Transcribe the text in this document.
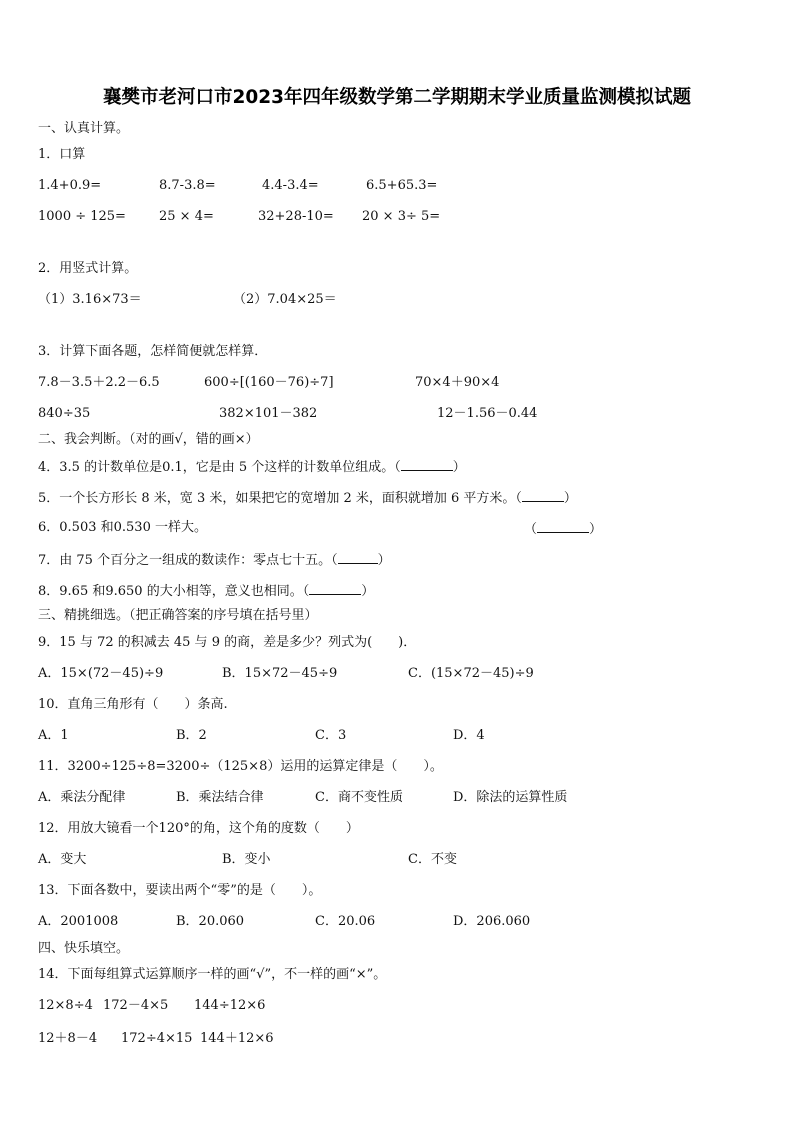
襄樊市老河口市2023年四年级数学第二学期期末学业质量监测模拟试题
一、认真计算。
1．口算
1.4+0.9=	8.7-3.8=	4.4-3.4=	6.5+65.3=
1000 ÷ 125=	25 × 4=	32+28-10= 20 × 3÷ 5=
2．用竖式计算。
（1）3.16×73＝	（2）7.04×25＝
3．计算下面各题，怎样简便就怎样算．
7.8－3.5＋2.2－6.5	600÷[(160－76)÷7]	70×4＋90×4
840÷35	382×101－382	12－1.56－0.44
二、我会判断。（对的画√，错的画×）
4．3.5 的计数单位是0.1，它是由 5 个这样的计数单位组成。（	）
5．一个长方形长 8 米，宽 3 米，如果把它的宽增加 2 米，面积就增加 6 平方米。（	）
6．0.503 和0.530 一样大。	（	）
7．由 75 个百分之一组成的数读作：零点七十五。（	）
8．9.65 和9.650 的大小相等，意义也相同。（	）
三、精挑细选。（把正确答案的序号填在括号里）
9．15 与 72 的积减去 45 与 9 的商，差是多少？列式为(　　)．
A．15×(72－45)÷9	B．15×72－45÷9	C．(15×72－45)÷9
10．直角三角形有（　　）条高.
A．1	B．2	C．3	D．4
11．3200÷125÷8=3200÷（125×8）运用的运算定律是（　　）。
A．乘法分配律	B．乘法结合律	C．商不变性质	D．除法的运算性质
12．用放大镜看一个120°的角，这个角的度数（　　）
A．变大	B．变小	C．不变
13．下面各数中，要读出两个“零”的是（　　）。
A．2001008	B．20.060	C．20.06	D．206.060
四、快乐填空。
14．下面每组算式运算顺序一样的画“√”，不一样的画“×”。
12×8÷4 172－4×5 144÷12×6
12＋8－4 172÷4×15 144＋12×6
